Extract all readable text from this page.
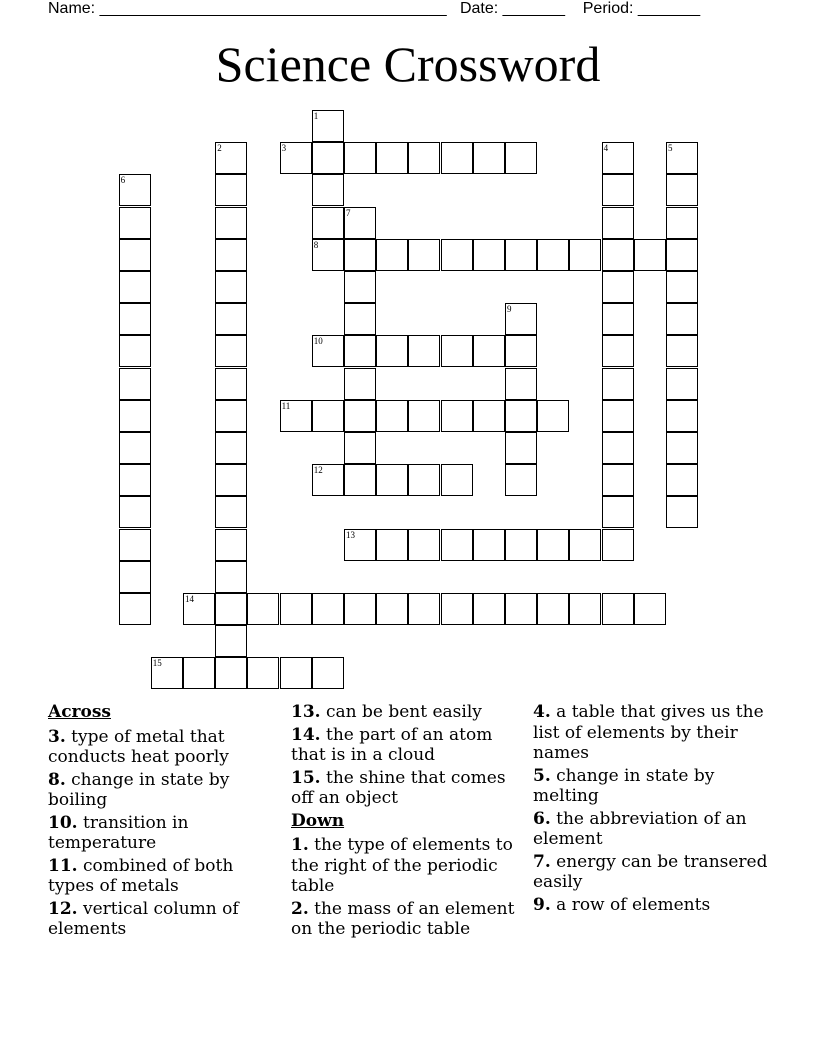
Name: _______________________________________ Date: _______ Period: _______
Science Crossword
1
2	3	4	5
6
7
8
9
10
11
12
13
14
15
Across
3. type of metal that conducts heat poorly
8. change in state by boiling
10. transition in temperature
11. combined of both types of metals
12. vertical column of elements
13. can be bent easily
14. the part of an atom that is in a cloud
15. the shine that comes off an object
Down
1. the type of elements to the right of the periodic table
2. the mass of an element on the periodic table
4. a table that gives us the list of elements by their names
5. change in state by melting
6. the abbreviation of an element
7. energy can be transered easily
9. a row of elements
